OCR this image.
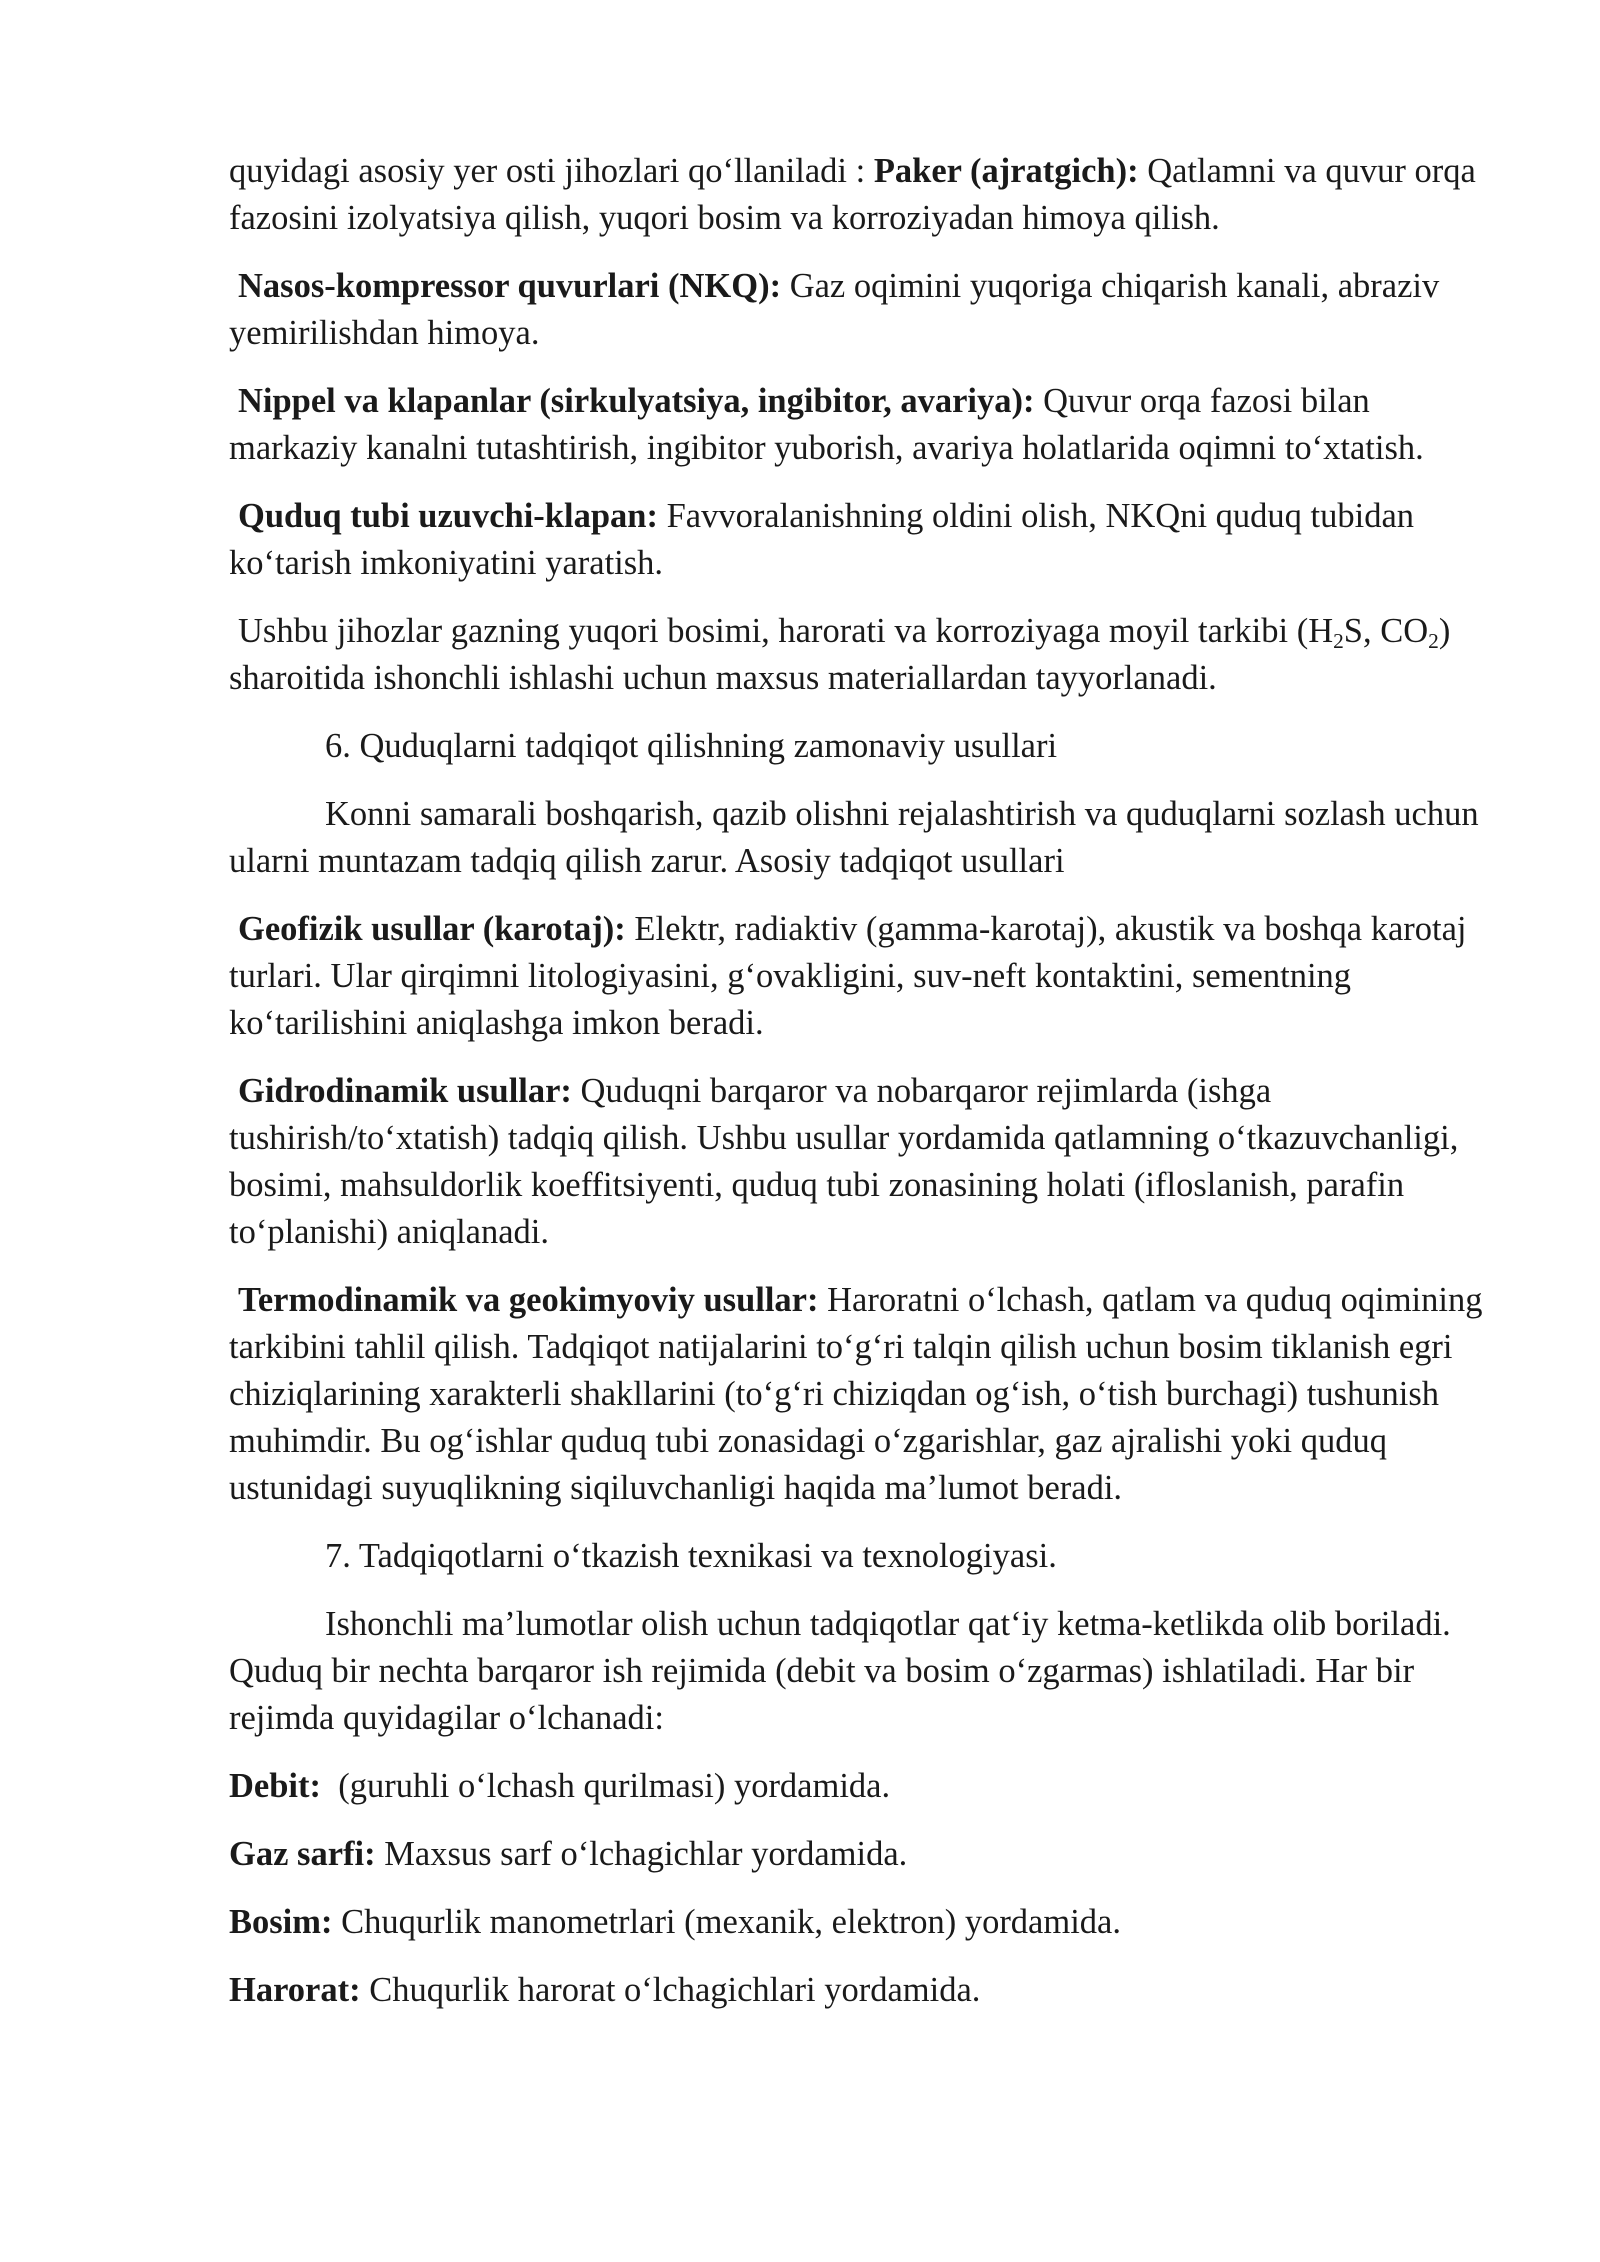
quyidagi asosiy yer osti jihozlari qo‘llaniladi : Paker (ajratgich): Qatlamni va quvur orqa fazosini izolyatsiya qilish, yuqori bosim va korroziyadan himoya qilish.

Nasos-kompressor quvurlari (NKQ): Gaz oqimini yuqoriga chiqarish kanali, abraziv yemirilishdan himoya.

Nippel va klapanlar (sirkulyatsiya, ingibitor, avariya): Quvur orqa fazosi bilan markaziy kanalni tutashtirish, ingibitor yuborish, avariya holatlarida oqimni to‘xtatish.

Quduq tubi uzuvchi-klapan: Favvoralanishning oldini olish, NKQni quduq tubidan ko‘tarish imkoniyatini yaratish.

Ushbu jihozlar gazning yuqori bosimi, harorati va korroziyaga moyil tarkibi ($H_2S$, $CO_2$) sharoitida ishonchli ishlashi uchun maxsus materiallardan tayyorlanadi.

6. Quduqlarni tadqiqot qilishning zamonaviy usullari

Konni samarali boshqarish, qazib olishni rejalashtirish va quduqlarni sozlash uchun ularni muntazam tadqiq qilish zarur. Asosiy tadqiqot usullari

Geofizik usullar (karotaj): Elektr, radiaktiv (gamma-karotaj), akustik va boshqa karotaj turlari. Ular qirqimni litologiyasini, g‘ovakligini, suv-neft kontaktini, sementning ko‘tarilishini aniqlashga imkon beradi.

Gidrodinamik usullar: Quduqni barqaror va nobarqaror rejimlarda (ishga tushirish/to‘xtatish) tadqiq qilish. Ushbu usullar yordamida qatlamning o‘tkazuvchanligi, bosimi, mahsuldorlik koeffitsiyenti, quduq tubi zonasining holati (ifloslanish, parafin to‘planishi) aniqlanadi.

Termodinamik va geokimyoviy usullar: Haroratni o‘lchash, qatlam va quduq oqimining tarkibini tahlil qilish. Tadqiqot natijalarini to‘g‘ri talqin qilish uchun bosim tiklanish egri chiziqlarining xarakterli shakllarini (to‘g‘ri chiziqdan og‘ish, o‘tish burchagi) tushunish muhimdir. Bu og‘ishlar quduq tubi zonasidagi o‘zgarishlar, gaz ajralishi yoki quduq ustunidagi suyuqlikning siqiluvchanligi haqida ma’lumot beradi.

7. Tadqiqotlarni o‘tkazish texnikasi va texnologiyasi.

Ishonchli ma’lumotlar olish uchun tadqiqotlar qat‘iy ketma-ketlikda olib boriladi. Quduq bir nechta barqaror ish rejimida (debit va bosim o‘zgarmas) ishlatiladi. Har bir rejimda quyidagilar o‘lchanadi:

Debit:  (guruhli o‘lchash qurilmasi) yordamida.

Gaz sarfi: Maxsus sarf o‘lchagichlar yordamida.

Bosim: Chuqurlik manometrlari (mexanik, elektron) yordamida.

Harorat: Chuqurlik harorat o‘lchagichlari yordamida.
